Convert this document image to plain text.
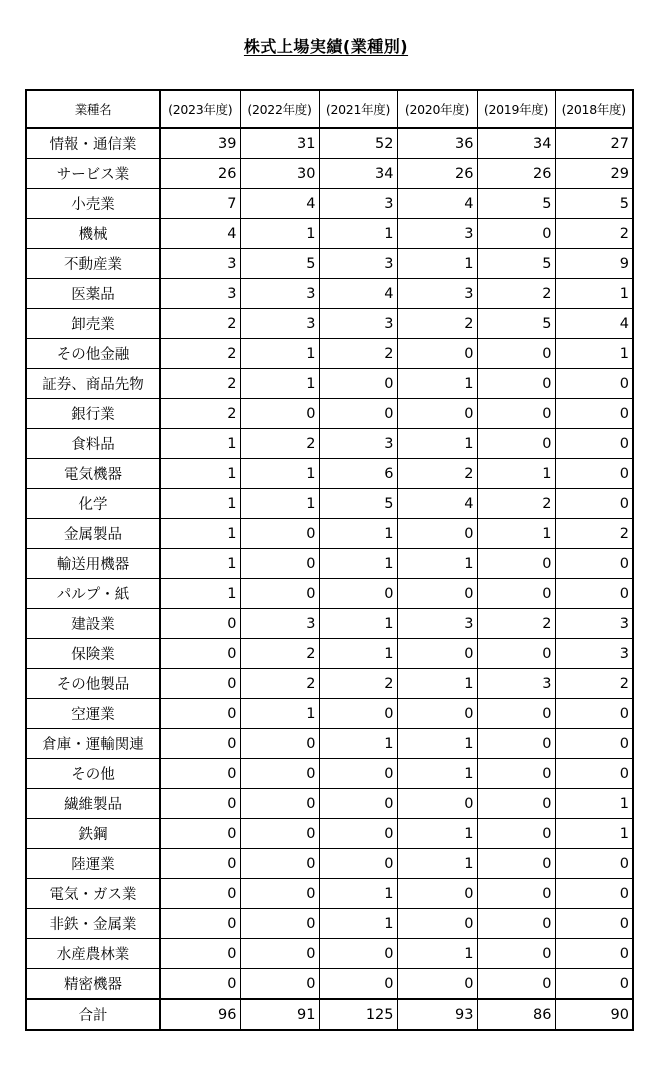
株式上場実績(業種別)
業種名	(2023年度)	(2022年度)	(2021年度)	(2020年度)	(2019年度)	(2018年度)
情報・通信業	39	31	52	36	34	27
サービス業	26	30	34	26	26	29
小売業	7	4	3	4	5	5
機械	4	1	1	3	0	2
不動産業	3	5	3	1	5	9
医薬品	3	3	4	3	2	1
卸売業	2	3	3	2	5	4
その他金融	2	1	2	0	0	1
証券、商品先物	2	1	0	1	0	0
銀行業	2	0	0	0	0	0
食料品	1	2	3	1	0	0
電気機器	1	1	6	2	1	0
化学	1	1	5	4	2	0
金属製品	1	0	1	0	1	2
輸送用機器	1	0	1	1	0	0
パルプ・紙	1	0	0	0	0	0
建設業	0	3	1	3	2	3
保険業	0	2	1	0	0	3
その他製品	0	2	2	1	3	2
空運業	0	1	0	0	0	0
倉庫・運輸関連	0	0	1	1	0	0
その他	0	0	0	1	0	0
繊維製品	0	0	0	0	0	1
鉄鋼	0	0	0	1	0	1
陸運業	0	0	0	1	0	0
電気・ガス業	0	0	1	0	0	0
非鉄・金属業	0	0	1	0	0	0
水産農林業	0	0	0	1	0	0
精密機器	0	0	0	0	0	0
合計	96	91	125	93	86	90
